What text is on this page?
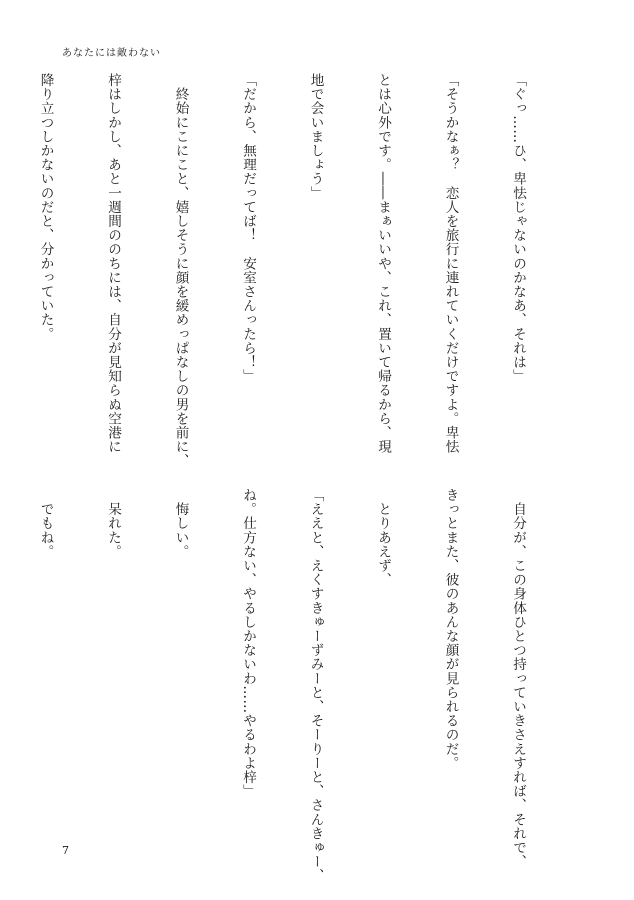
あなたには敵わない

「ぐっ……ひ、卑怯じゃないのかなあ、それは」

「そうかなぁ？　恋人を旅行に連れていくだけですよ。卑怯

とは心外です。――まぁいいや、これ、置いて帰るから、現

地で会いましょう」

「だから、無理だってば！　安室さんったら！」

　終始にこにこと、嬉しそうに顔を緩めっぱなしの男を前に、

梓はしかし、あと一週間ののちには、自分が見知らぬ空港に

降り立つしかないのだと、分かっていた。

　自分が、この身体ひとつ持っていきさえすれば、それで、

きっとまた、彼のあんな顔が見られるのだ。

　とりあえず、

「ええと、えくすきゅーずみーと、そーりーと、さんきゅー、

ね。仕方ない、やるしかないわ……やるわよ梓」

　悔しい。

　呆れた。

　でもね。

7
